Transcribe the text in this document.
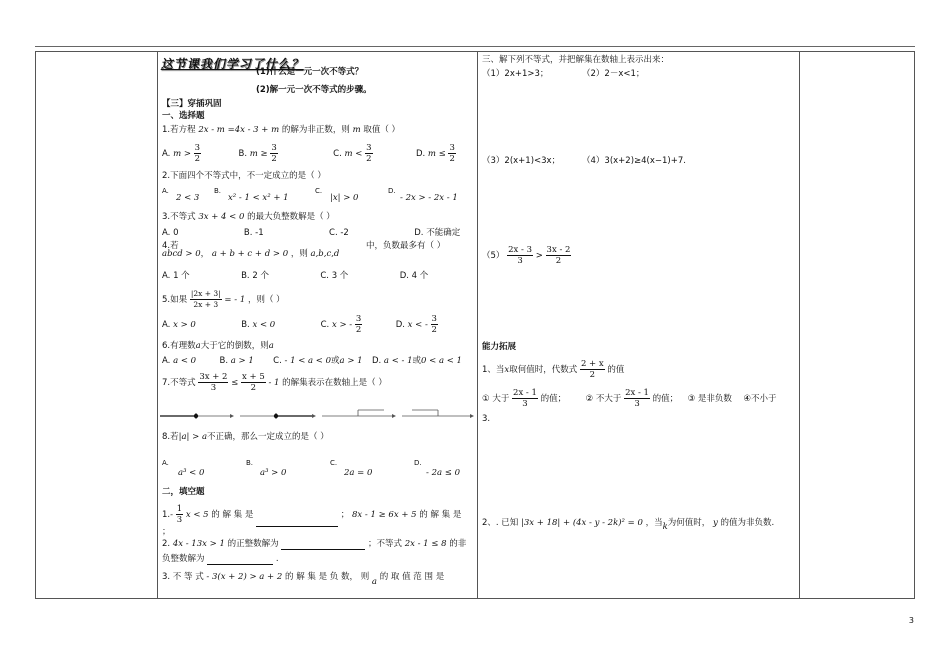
这节课我们学习了什么？
(1)什么是一元一次不等式？
(2)解一元一次不等式的步骤。
【三】穿插巩固
一、选择题
1.若方程 2x - m =4x - 3 + m 的解为非正数，则 m 取值（ ）
A. $m > \frac{3}{2}$	B. $m \ge \frac{3}{2}$	C. $m < \frac{3}{2}$	D. $m \le \frac{3}{2}$
2.下面四个不等式中，不一定成立的是（ ）
A.
2 < 3
B.
x² - 1 < x² + 1
C.
|x| > 0
D.
- 2x > - 2x - 1
3.不等式 3x + 4 < 0 的最大负整数解是（ ）
A. 0	B. -1	C. -2	D. 不能确定
4.若
abcd > 0， a + b + c + d > 0 ，则 a,b,c,d
中，负数最多有（ ）
A. 1 个	B. 2 个	C. 3 个	D. 4 个
5.如果 $\frac{|2x + 3|}{2x + 3}$ = - 1 ，则（ ）
A. x > 0	B. x < 0	C. x > - $\frac{3}{2}$	D. x < - $\frac{3}{2}$
6.有理数a大于它的倒数，则a
A. a < 0	B. a > 1 C. - 1 < a < 0或a > 1 D. a < - 1或0 < a < 1
7.不等式 $\frac{3x + 2}{3} \le \frac{x + 5}{2} - 1$ 的解集表示在数轴上是（ ）
8.若|a| > a不正确，那么一定成立的是（ ）
A.
a³ < 0
B.
a³ > 0
C.
2a = 0
D.
- 2a ≤ 0
二，填空题
$1.- \frac{1}{3}$ x < 5 的 解 集 是	； 8x - 1 ≥ 6x + 5 的 解 集 是
；
2. 4x - 13x > 1 的正整数解为	；不等式 2x - 1 ≤ 8 的非
负整数解为	.
3. 不 等 式 - 3(x + 2) > a + 2 的 解 集 是 负 数， 则 a 的 取 值 范 围 是
三、解下列不等式，并把解集在数轴上表示出来：
（1）2x+1>3；	（2）2－x<1；
（3）2(x+1)<3x；	（4）3(x+2)≥4(x−1)+7.
$(5) \frac{2x - 3}{3} > \frac{3x - 2}{2}$
能力拓展
1、当x取何值时，代数式 $\frac{2 + x}{2}$ 的值
① 大于 $\frac{2x - 1}{3}$ 的值； ② 不大于 $\frac{2x - 1}{3}$ 的值； ③ 是非负数 ④不小于
3.
2、. 已知 |3x + 18| + (4x - y - 2k)² = 0 ，当k为何值时， y 的值为非负数.
3
